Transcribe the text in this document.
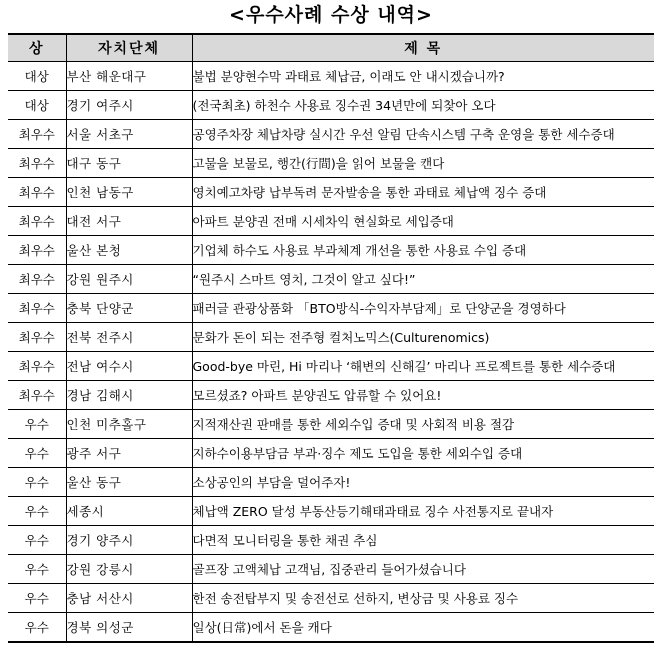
<우수사례 수상 내역>
상	자치단체	제 목
대상	부산 해운대구	불법 분양현수막 과태료 체납금, 이래도 안 내시겠습니까?
대상	경기 여주시	(전국최초) 하천수 사용료 징수권 34년만에 되찾아 오다
최우수	서울 서초구	공영주차장 체납차량 실시간 우선 알림 단속시스템 구축 운영을 통한 세수증대
최우수	대구 동구	고물을 보물로, 행간(行間)을 읽어 보물을 캔다
최우수	인천 남동구	영치예고차량 납부독려 문자발송을 통한 과태료 체납액 징수 증대
최우수	대전 서구	아파트 분양권 전매 시세차익 현실화로 세입증대
최우수	울산 본청	기업체 하수도 사용료 부과체계 개선을 통한 사용료 수입 증대
최우수	강원 원주시	“원주시 스마트 영치, 그것이 알고 싶다!”
최우수	충북 단양군	패러글 관광상품화 「BTO방식-수익자부담제」로 단양군을 경영하다
최우수	전북 전주시	문화가 돈이 되는 전주형 컬처노믹스(Culturenomics)
최우수	전남 여수시	Good-bye 마린, Hi 마리나 ‘해변의 신해길’ 마리나 프로젝트를 통한 세수증대
최우수	경남 김해시	모르셨죠? 아파트 분양권도 압류할 수 있어요!
우수	인천 미추홀구	지적재산권 판매를 통한 세외수입 증대 및 사회적 비용 절감
우수	광주 서구	지하수이용부담금 부과·징수 제도 도입을 통한 세외수입 증대
우수	울산 동구	소상공인의 부담을 덜어주자!
우수	세종시	체납액 ZERO 달성 부동산등기해태과태료 징수 사전통지로 끝내자
우수	경기 양주시	다면적 모니터링을 통한 채권 추심
우수	강원 강릉시	골프장 고액체납 고객님, 집중관리 들어가셨습니다
우수	충남 서산시	한전 송전탑부지 및 송전선로 선하지, 변상금 및 사용료 징수
우수	경북 의성군	일상(日常)에서 돈을 캐다
